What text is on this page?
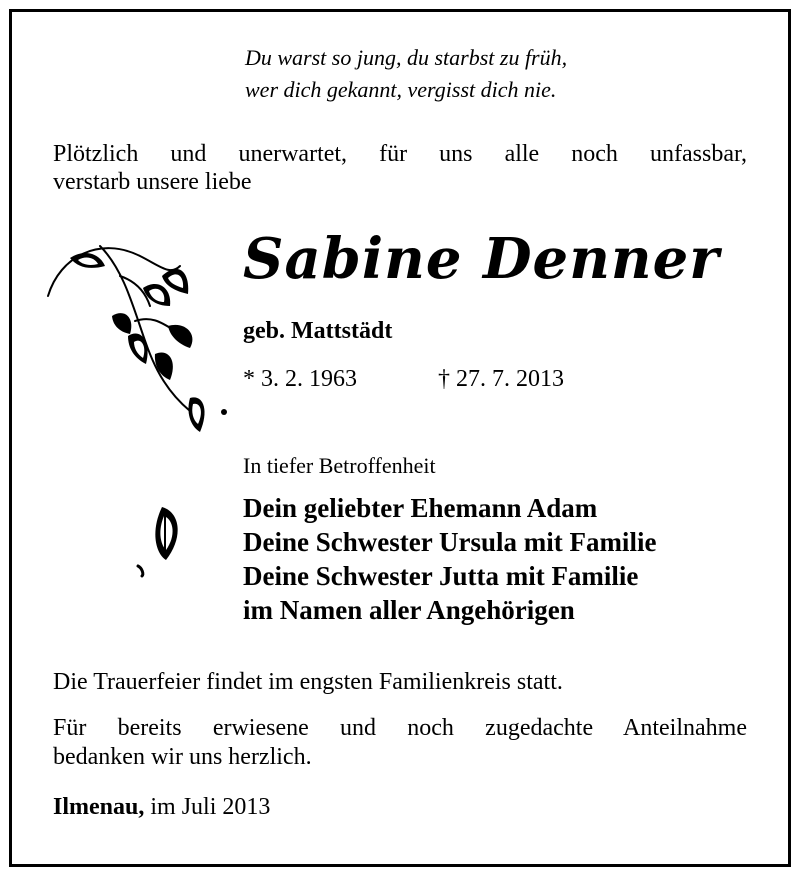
Du warst so jung, du starbst zu früh,
wer dich gekannt, vergisst dich nie.
Plötzlich und unerwartet, für uns alle noch unfassbar,
verstarb unsere liebe
Sabine Denner
geb. Mattstädt
* 3. 2. 1963	† 27. 7. 2013
In tiefer Betroffenheit
Dein geliebter Ehemann Adam
Deine Schwester Ursula mit Familie
Deine Schwester Jutta mit Familie
im Namen aller Angehörigen
Die Trauerfeier findet im engsten Familienkreis statt.
Für bereits erwiesene und noch zugedachte Anteilnahme
bedanken wir uns herzlich.
Ilmenau, im Juli 2013
